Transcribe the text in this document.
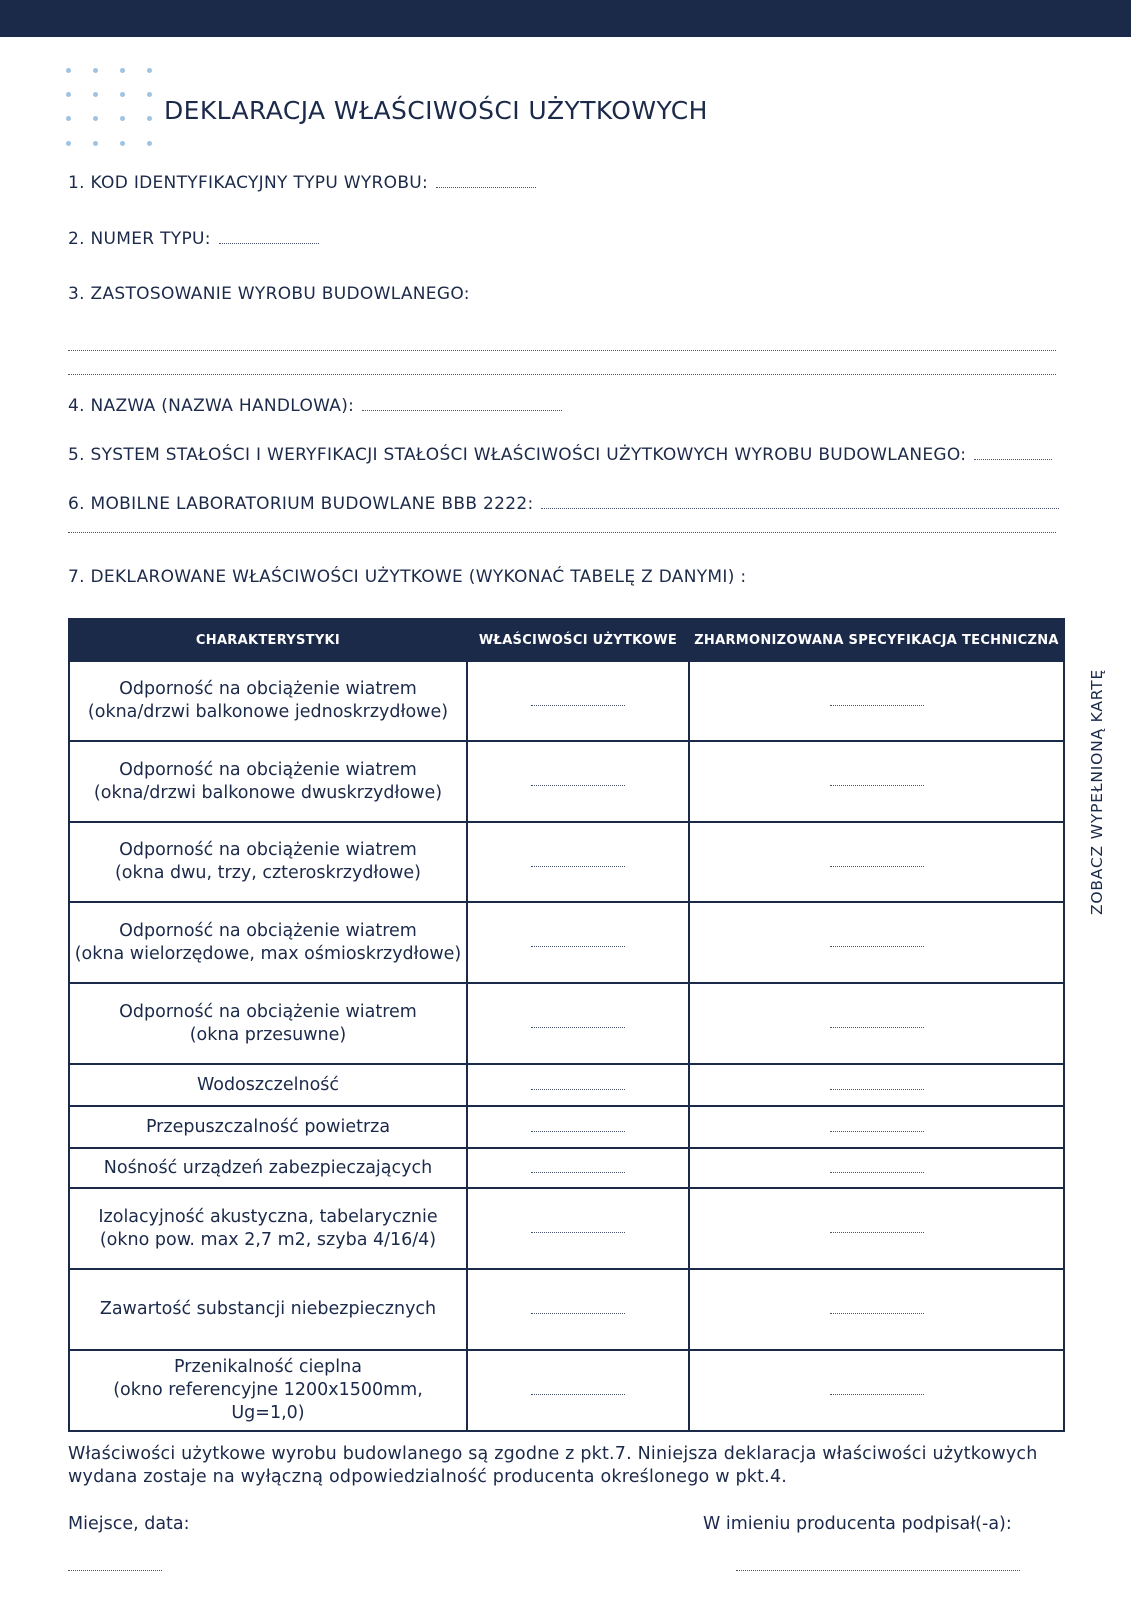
DEKLARACJA WŁAŚCIWOŚCI UŻYTKOWYCH
1. KOD IDENTYFIKACYJNY TYPU WYROBU:
2. NUMER TYPU:
3. ZASTOSOWANIE WYROBU BUDOWLANEGO:
4. NAZWA (NAZWA HANDLOWA):
5. SYSTEM STAŁOŚCI I WERYFIKACJI STAŁOŚCI WŁAŚCIWOŚCI UŻYTKOWYCH WYROBU BUDOWLANEGO:
6. MOBILNE LABORATORIUM BUDOWLANE BBB 2222:
7. DEKLAROWANE WŁAŚCIWOŚCI UŻYTKOWE (WYKONAĆ TABELĘ Z DANYMI) :
CHARAKTERYSTYKI	WŁAŚCIWOŚCI UŻYTKOWE	ZHARMONIZOWANA SPECYFIKACJA TECHNICZNA

Odporność na obciążenie wiatrem
(okna/drzwi balkonowe jednoskrzydłowe)		

Odporność na obciążenie wiatrem
(okna/drzwi balkonowe dwuskrzydłowe)		

Odporność na obciążenie wiatrem
(okna dwu, trzy, czteroskrzydłowe)		

Odporność na obciążenie wiatrem
(okna wielorzędowe, max ośmioskrzydłowe)		

Odporność na obciążenie wiatrem
(okna przesuwne)		

Wodoszczelność		

Przepuszczalność powietrza		

Nośność urządzeń zabezpieczających		

Izolacyjność akustyczna, tabelarycznie
(okno pow. max 2,7 m2, szyba 4/16/4)		

Zawartość substancji niebezpiecznych		

Przenikalność cieplna
(okno referencyjne 1200x1500mm, Ug=1,0)		

ZOBACZ WYPEŁNIONĄ KARTĘ
Właściwości użytkowe wyrobu budowlanego są zgodne z pkt.7. Niniejsza deklaracja właściwości użytkowych
wydana zostaje na wyłączną odpowiedzialność producenta określonego w pkt.4.
Miejsce, data:	W imieniu producenta podpisał(-a):
